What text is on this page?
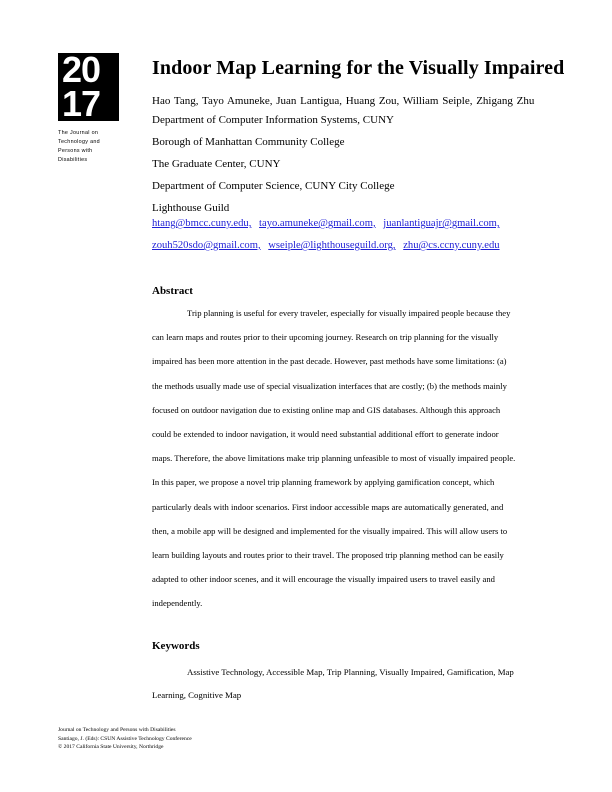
20
17
The Journal on
Technology and
Persons with
Disabilities
Indoor Map Learning for the Visually Impaired
Hao Tang, Tayo Amuneke, Juan Lantigua, Huang Zou, William Seiple, Zhigang Zhu
Department of Computer Information Systems, CUNY
Borough of Manhattan Community College
The Graduate Center, CUNY
Department of Computer Science, CUNY City College
Lighthouse Guild
htang@bmcc.cuny.edu, tayo.amuneke@gmail.com, juanlantiguajr@gmail.com,
zouh520sdo@gmail.com, wseiple@lighthouseguild.org, zhu@cs.ccny.cuny.edu
Abstract
Trip planning is useful for every traveler, especially for visually impaired people because they
can learn maps and routes prior to their upcoming journey. Research on trip planning for the visually
impaired has been more attention in the past decade. However, past methods have some limitations: (a)
the methods usually made use of special visualization interfaces that are costly; (b) the methods mainly
focused on outdoor navigation due to existing online map and GIS databases. Although this approach
could be extended to indoor navigation, it would need substantial additional effort to generate indoor
maps. Therefore, the above limitations make trip planning unfeasible to most of visually impaired people.
In this paper, we propose a novel trip planning framework by applying gamification concept, which
particularly deals with indoor scenarios. First indoor accessible maps are automatically generated, and
then, a mobile app will be designed and implemented for the visually impaired. This will allow users to
learn building layouts and routes prior to their travel. The proposed trip planning method can be easily
adapted to other indoor scenes, and it will encourage the visually impaired users to travel easily and
independently.
Keywords
Assistive Technology, Accessible Map, Trip Planning, Visually Impaired, Gamification, Map
Learning, Cognitive Map
Journal on Technology and Persons with Disabilities
Santiago, J. (Eds): CSUN Assistive Technology Conference
© 2017 California State University, Northridge
